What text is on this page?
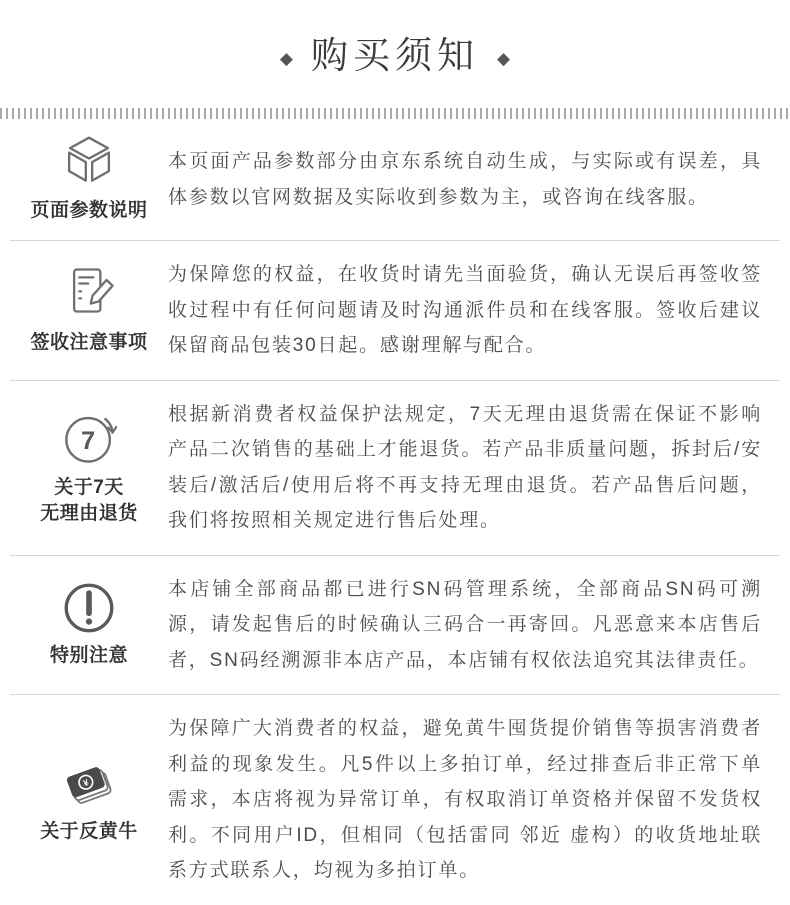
◆ 购买须知 ◆
页面参数说明
本页面产品参数部分由京东系统自动生成，与实际或有误差，具体参数以官网数据及实际收到参数为主，或咨询在线客服。
签收注意事项
为保障您的权益，在收货时请先当面验货，确认无误后再签收签收过程中有任何问题请及时沟通派件员和在线客服。签收后建议保留商品包装30日起。感谢理解与配合。
7
关于7天
无理由退货
根据新消费者权益保护法规定，7天无理由退货需在保证不影响产品二次销售的基础上才能退货。若产品非质量问题，拆封后/安装后/激活后/使用后将不再支持无理由退货。若产品售后问题，我们将按照相关规定进行售后处理。
特别注意
本店铺全部商品都已进行SN码管理系统，全部商品SN码可溯源，请发起售后的时候确认三码合一再寄回。凡恶意来本店售后者，SN码经溯源非本店产品，本店铺有权依法追究其法律责任。
¥
关于反黄牛
为保障广大消费者的权益，避免黄牛囤货提价销售等损害消费者利益的现象发生。凡5件以上多拍订单，经过排查后非正常下单需求，本店将视为异常订单，有权取消订单资格并保留不发货权利。不同用户ID，但相同（包括雷同 邻近 虚构）的收货地址联系方式联系人，均视为多拍订单。
